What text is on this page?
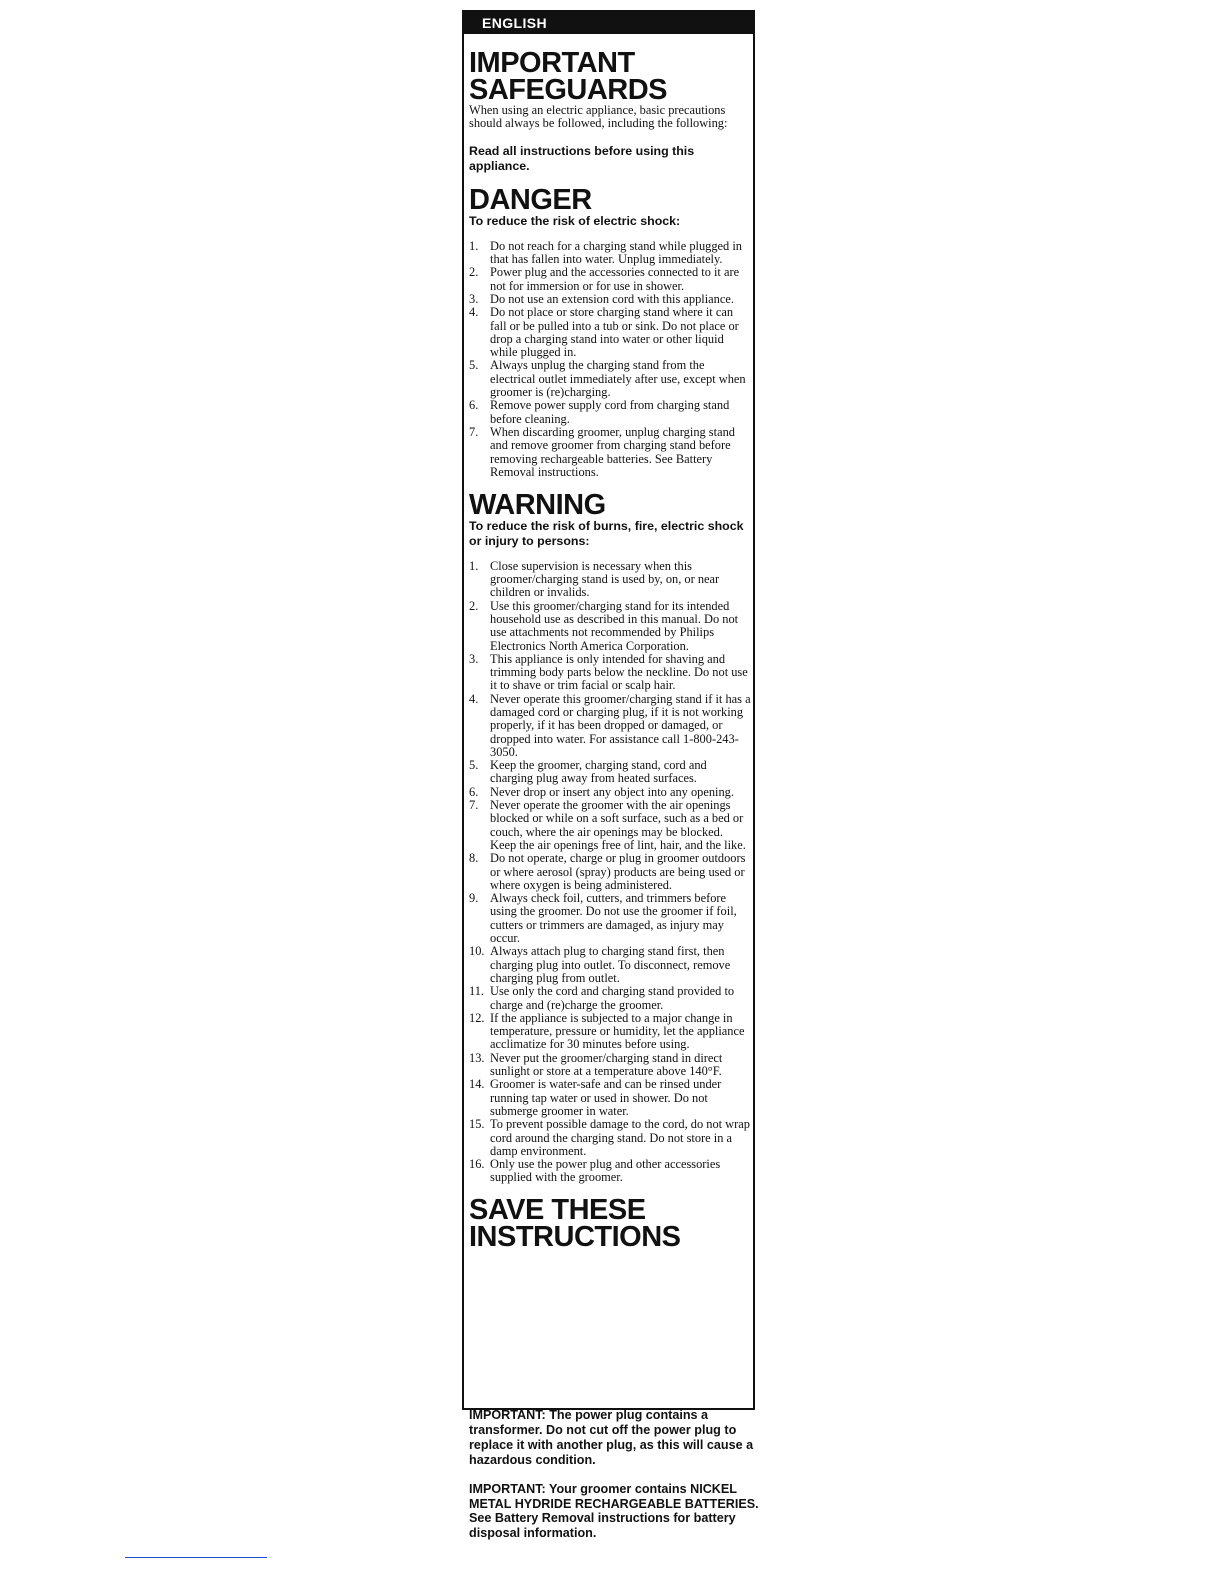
ENGLISH
IMPORTANT
SAFEGUARDS

When using an electric appliance, basic precautions should always be followed, including the following:

Read all instructions before using this appliance.

DANGER

To reduce the risk of electric shock:

1. Do not reach for a charging stand while plugged in that has fallen into water. Unplug immediately.
2. Power plug and the accessories connected to it are not for immersion or for use in shower.
3. Do not use an extension cord with this appliance.
4. Do not place or store charging stand where it can fall or be pulled into a tub or sink. Do not place or drop a charging stand into water or other liquid while plugged in.
5. Always unplug the charging stand from the electrical outlet immediately after use, except when groomer is (re)charging.
6. Remove power supply cord from charging stand before cleaning.
7. When discarding groomer, unplug charging stand and remove groomer from charging stand before removing rechargeable batteries. See Battery Removal instructions.
WARNING

To reduce the risk of burns, fire, electric shock or injury to persons:

1. Close supervision is necessary when this groomer/charging stand is used by, on, or near children or invalids.
2. Use this groomer/charging stand for its intended household use as described in this manual. Do not use attachments not recommended by Philips Electronics North America Corporation.
3. This appliance is only intended for shaving and trimming body parts below the neckline. Do not use it to shave or trim facial or scalp hair.
4. Never operate this groomer/charging stand if it has a damaged cord or charging plug, if it is not working properly, if it has been dropped or damaged, or dropped into water. For assistance call 1-800-243-3050.
5. Keep the groomer, charging stand, cord and charging plug away from heated surfaces.
6. Never drop or insert any object into any opening.
7. Never operate the groomer with the air openings blocked or while on a soft surface, such as a bed or couch, where the air openings may be blocked. Keep the air openings free of lint, hair, and the like.
8. Do not operate, charge or plug in groomer outdoors or where aerosol (spray) products are being used or where oxygen is being administered.
9. Always check foil, cutters, and trimmers before using the groomer. Do not use the groomer if foil, cutters or trimmers are damaged, as injury may occur.
10. Always attach plug to charging stand first, then charging plug into outlet. To disconnect, remove charging plug from outlet.
11. Use only the cord and charging stand provided to charge and (re)charge the groomer.
12. If the appliance is subjected to a major change in temperature, pressure or humidity, let the appliance acclimatize for 30 minutes before using.
13. Never put the groomer/charging stand in direct sunlight or store at a temperature above 140°F.
14. Groomer is water-safe and can be rinsed under running tap water or used in shower. Do not submerge groomer in water.
15. To prevent possible damage to the cord, do not wrap cord around the charging stand. Do not store in a damp environment.
16. Only use the power plug and other accessories supplied with the groomer.
SAVE THESE
INSTRUCTIONS

IMPORTANT: The power plug contains a transformer. Do not cut off the power plug to replace it with another plug, as this will cause a hazardous condition.

IMPORTANT: Your groomer contains NICKEL METAL HYDRIDE RECHARGEABLE BATTERIES. See Battery Removal instructions for battery disposal information.
